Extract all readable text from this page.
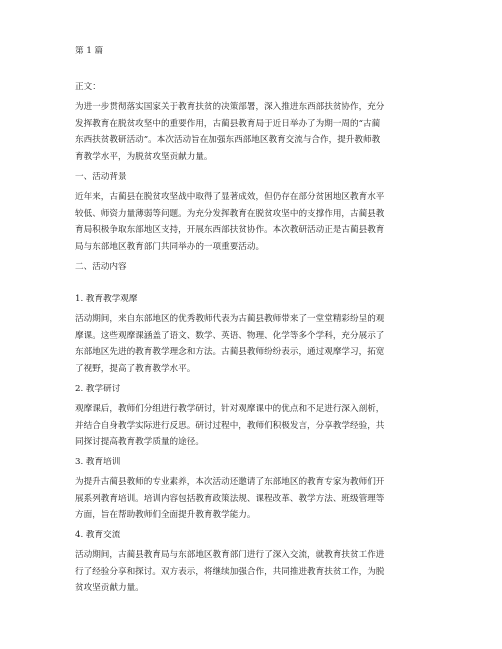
第 1 篇
正文：
为进一步贯彻落实国家关于教育扶贫的决策部署，深入推进东西部扶贫协作，充分
发挥教育在脱贫攻坚中的重要作用，古蔺县教育局于近日举办了为期一周的“古蔺
东西扶贫教研活动”。本次活动旨在加强东西部地区教育交流与合作，提升教师教
育教学水平，为脱贫攻坚贡献力量。
一、活动背景
近年来，古蔺县在脱贫攻坚战中取得了显著成效，但仍存在部分贫困地区教育水平
较低、师资力量薄弱等问题。为充分发挥教育在脱贫攻坚中的支撑作用，古蔺县教
育局积极争取东部地区支持，开展东西部扶贫协作。本次教研活动正是古蔺县教育
局与东部地区教育部门共同举办的一项重要活动。
二、活动内容
1. 教育教学观摩
活动期间，来自东部地区的优秀教师代表为古蔺县教师带来了一堂堂精彩纷呈的观
摩课。这些观摩课涵盖了语文、数学、英语、物理、化学等多个学科，充分展示了
东部地区先进的教育教学理念和方法。古蔺县教师纷纷表示，通过观摩学习，拓宽
了视野，提高了教育教学水平。
2. 教学研讨
观摩课后，教师们分组进行教学研讨，针对观摩课中的优点和不足进行深入剖析，
并结合自身教学实际进行反思。研讨过程中，教师们积极发言，分享教学经验，共
同探讨提高教育教学质量的途径。
3. 教育培训
为提升古蔺县教师的专业素养，本次活动还邀请了东部地区的教育专家为教师们开
展系列教育培训。培训内容包括教育政策法规、课程改革、教学方法、班级管理等
方面，旨在帮助教师们全面提升教育教学能力。
4. 教育交流
活动期间，古蔺县教育局与东部地区教育部门进行了深入交流，就教育扶贫工作进
行了经验分享和探讨。双方表示，将继续加强合作，共同推进教育扶贫工作，为脱
贫攻坚贡献力量。
